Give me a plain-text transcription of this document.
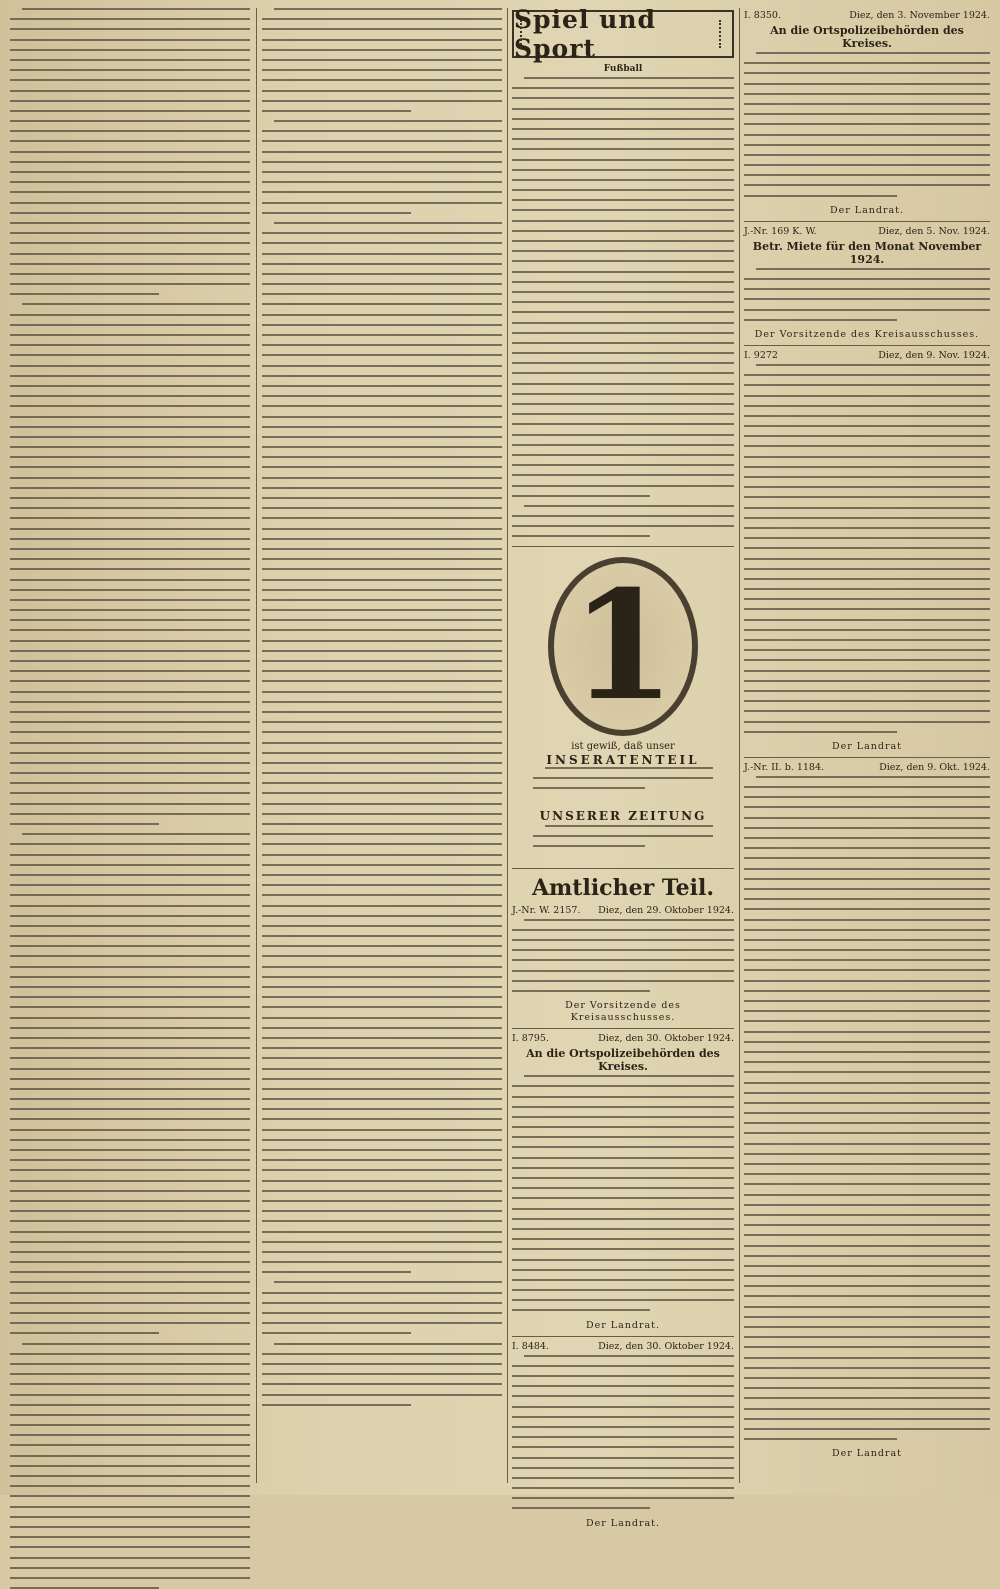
Spiel und Sport
Fußball
1
ist gewiß, daß unser
INSERATENTEIL
UNSERER ZEITUNG
Amtlicher Teil.
J.-Nr. W. 2157. Diez, den 29. Oktober 1924.
Der Vorsitzende des Kreisausschusses.
I. 8795.	Diez, den 30. Oktober 1924.
An die Ortspolizeibehörden des Kreises.
Der Landrat.
I. 8484.	Diez, den 30. Oktober 1924.
Der Landrat.
I. 8350.	Diez, den 3. November 1924.
An die Ortspolizeibehörden des Kreises.
Der Landrat.
J.-Nr. 169 K. W.	Diez, den 5. Nov. 1924.
Betr. Miete für den Monat November 1924.
Der Vorsitzende des Kreisausschusses.
I. 9272	Diez, den 9. Nov. 1924.
Der Landrat
J.-Nr. II. b. 1184.	Diez, den 9. Okt. 1924.
Der Landrat
